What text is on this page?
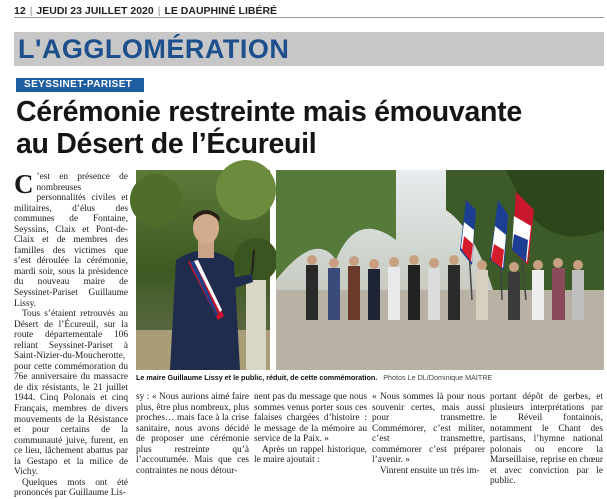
12 | JEUDI 23 JUILLET 2020 | LE DAUPHINÉ LIBÉRÉ
L'AGGLOMÉRATION
SEYSSINET-PARISET
Cérémonie restreinte mais émouvante
au Désert de l’Écureuil

C ’est en présence de nombreuses personnalités civiles et militaires, d’élus des communes de Fontaine, Seyssins, Claix et Pont-de-Claix et de membres des familles des victimes que s’est déroulée la cérémonie, mardi soir, sous la présidence du nouveau maire de Seyssinet-Pariset Guillaume Lissy.

Tous s’étaient retrouvés au Désert de l’Écureuil, sur la route départementale 106 reliant Seyssinet-Pariset à Saint-Nizier-du-Moucherotte, pour cette commémoration du 76e anniversaire du massacre de dix résistants, le 21 juillet 1944. Cinq Polonais et cinq Français, membres de divers mouvements de la Résistance et pour certains de la communauté juive, furent, en ce lieu, lâchement abattus par la Gestapo et la milice de Vichy.

Quelques mots ont été prononcés par Guillaume Lis-

Le maire Guillaume Lissy et le public, réduit, de cette commémoration. Photos Le DL/Dominique MAITRE

sy : « Nous aurions aimé faire plus, être plus nombreux, plus proches… mais face à la crise sanitaire, nous avons décidé de proposer une cérémonie plus restreinte qu’à l’accoutumée. Mais que ces contraintes ne nous détour-

nent pas du message que nous sommes venus porter sous ces falaises chargées d’histoire : le message de la mémoire au service de la Paix. »

Après un rappel historique, le maire ajoutait :

« Nous sommes là pour nous souvenir certes, mais aussi pour transmettre. Commémorer, c’est militer, c’est transmettre, commémorer c’est préparer l’avenir. »

Vinrent ensuite un très im-

portant dépôt de gerbes, et plusieurs interprétations par le Réveil fontainois, notamment le Chant des partisans, l’hymne national polonais ou encore la Marseillaise, reprise en chœur et avec conviction par le public.
